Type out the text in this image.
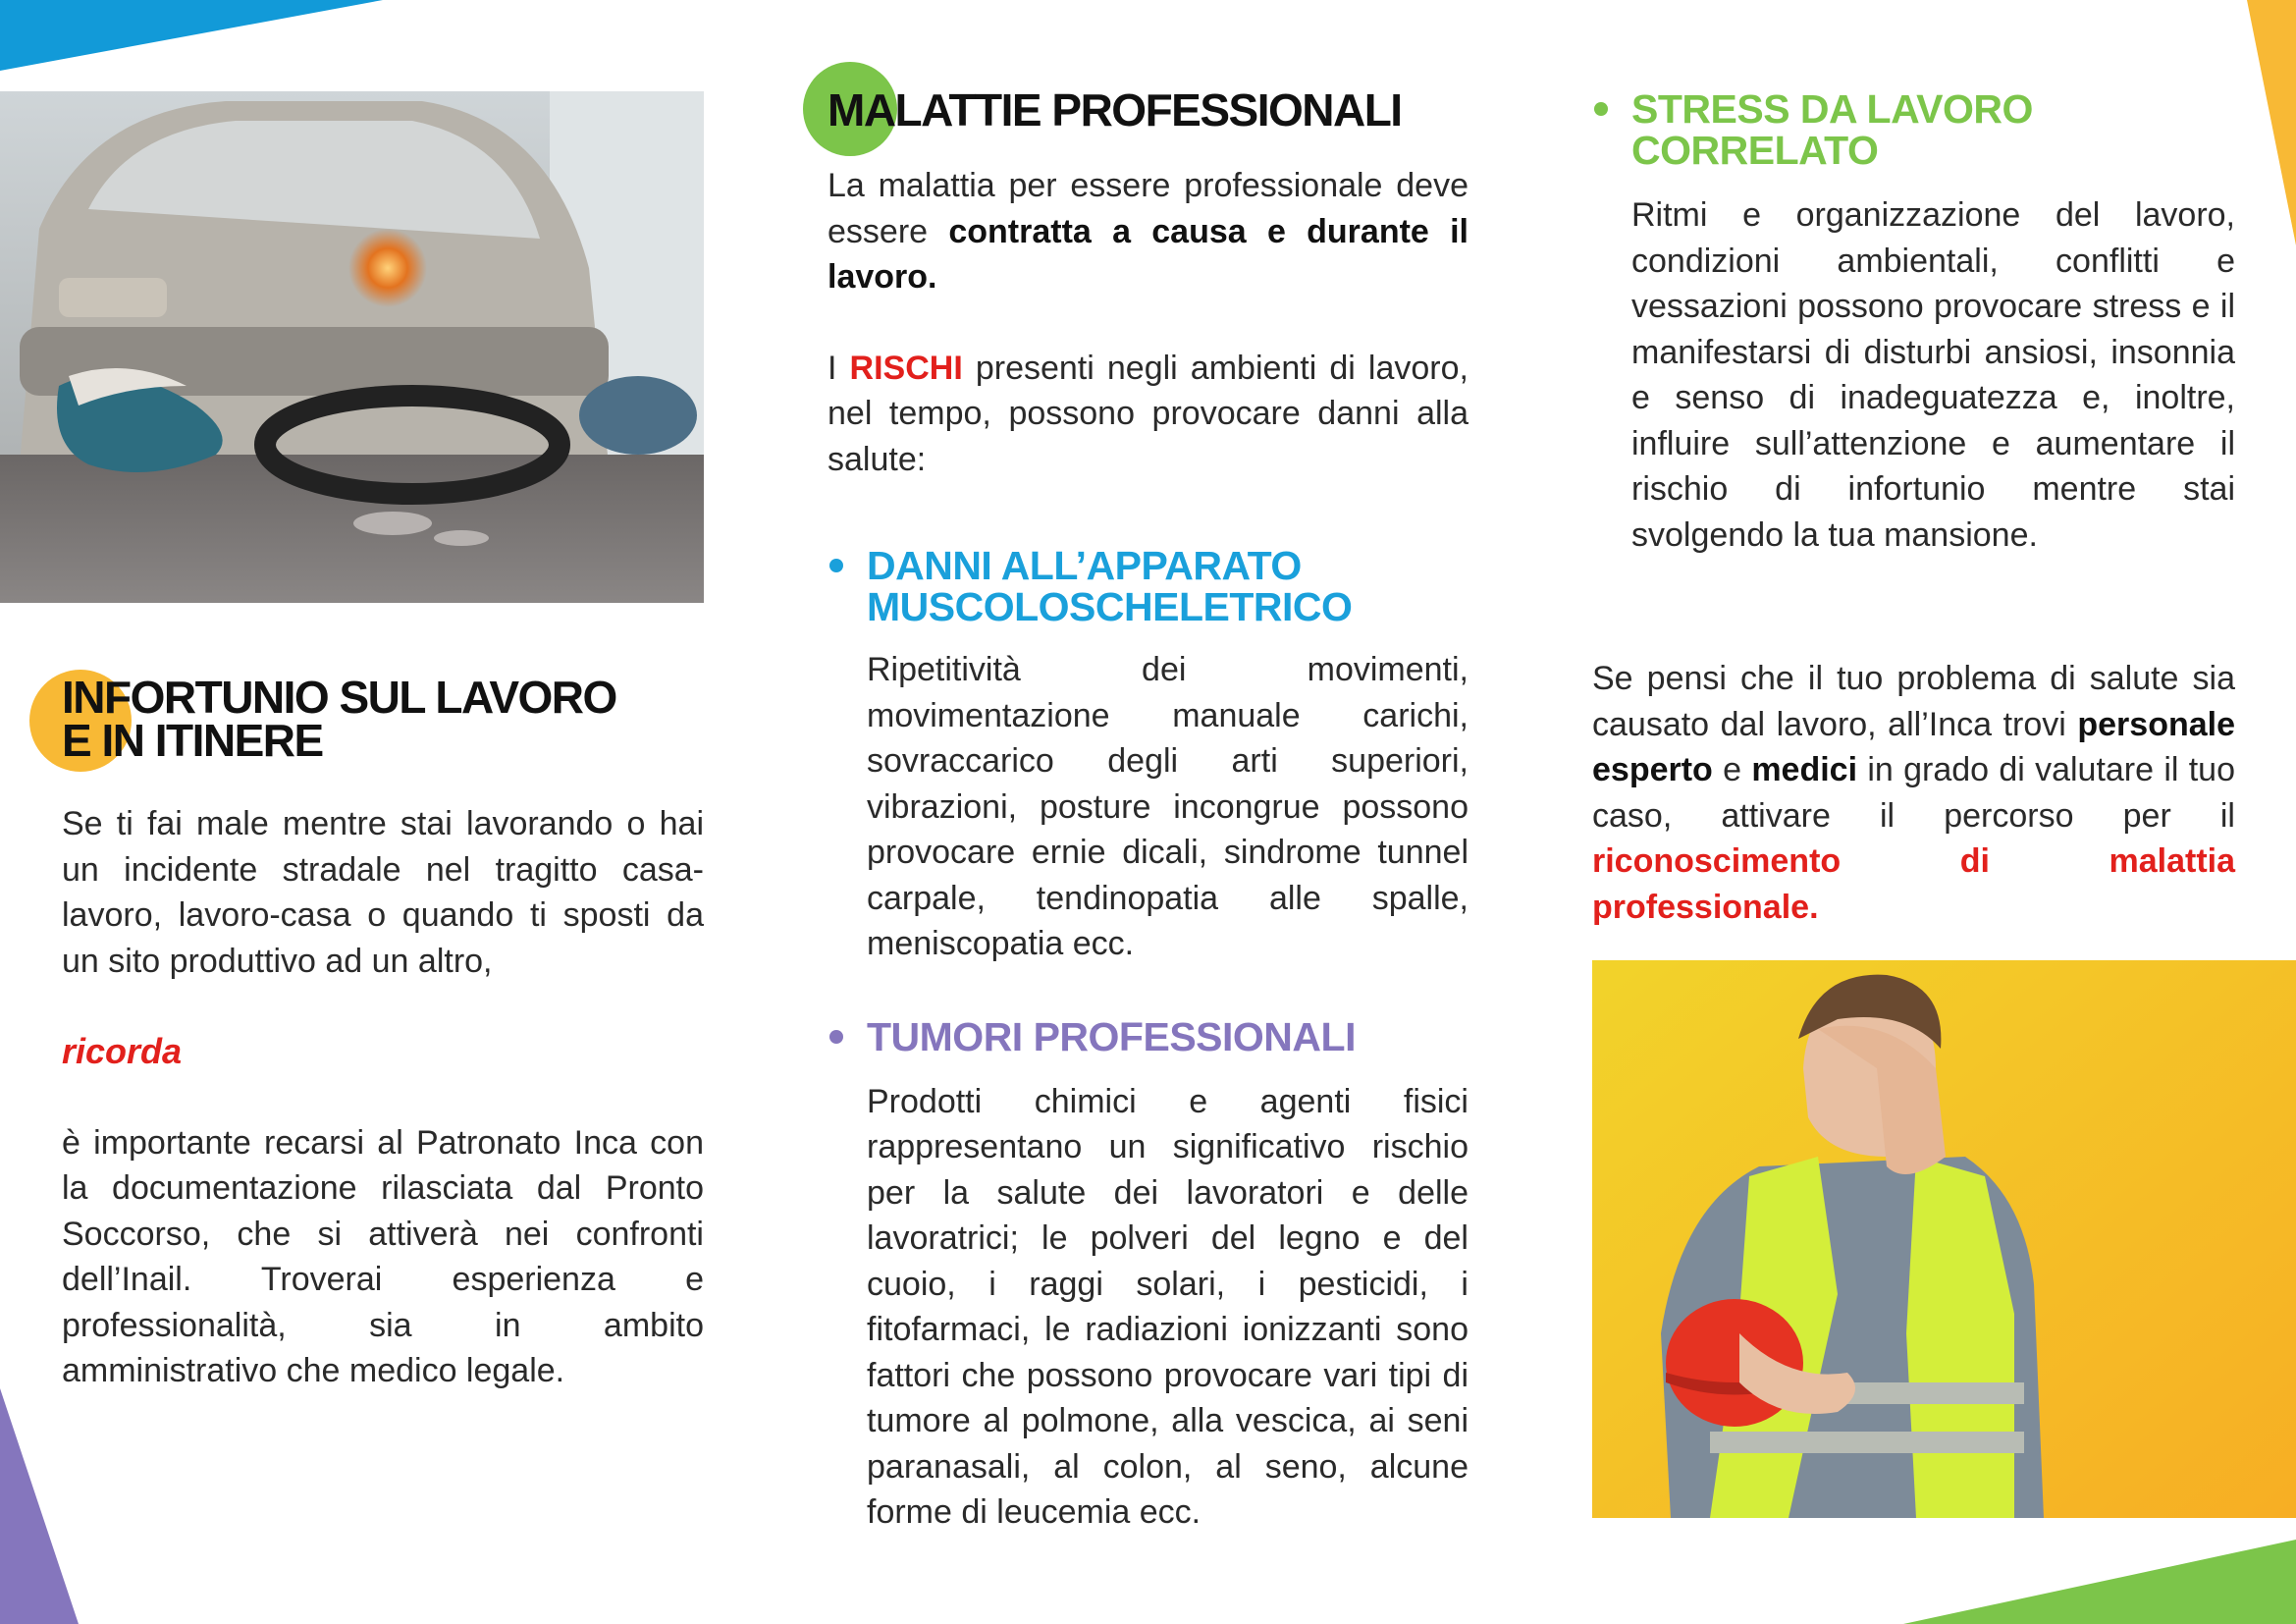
INFORTUNIO SUL LAVORO
E IN ITINERE

Se ti fai male mentre stai lavorando o hai un incidente stradale nel tragitto casa-lavoro, lavoro-casa o quando ti sposti da un sito produttivo ad un altro,

ricorda

è importante recarsi al Patronato Inca con la documentazione rilasciata dal Pronto Soccorso, che si attiverà nei confronti dell’Inail. Troverai esperienza e professionalità, sia in ambito amministrativo che medico legale.

MALATTIE PROFESSIONALI

La malattia per essere professionale deve essere contratta a causa e durante il lavoro.

I RISCHI presenti negli ambienti di lavoro, nel tempo, possono provocare danni alla salute:

DANNI ALL’APPARATO
MUSCOLOSCHELETRICO

Ripetitività dei movimenti, movimentazione manuale carichi, sovraccarico degli arti superiori, vibrazioni, posture incongrue possono provocare ernie dicali, sindrome tunnel carpale, tendinopatia alle spalle, meniscopatia ecc.

TUMORI PROFESSIONALI

Prodotti chimici e agenti fisici rappresentano un significativo rischio per la salute dei lavoratori e delle lavoratrici; le polveri del legno e del cuoio, i raggi solari, i pesticidi, i fitofarmaci, le radiazioni ionizzanti sono fattori che possono provocare vari tipi di tumore al polmone, alla vescica, ai seni paranasali, al colon, al seno, alcune forme di leucemia ecc.

STRESS DA LAVORO CORRELATO

Ritmi e organizzazione del lavoro, condizioni ambientali, conflitti e vessazioni possono provocare stress e il manifestarsi di disturbi ansiosi, insonnia e senso di inadeguatezza e, inoltre, influire sull’attenzione e aumentare il rischio di infortunio mentre stai svolgendo la tua mansione.

Se pensi che il tuo problema di salute sia causato dal lavoro, all’Inca trovi personale esperto e medici in grado di valutare il tuo caso, attivare il percorso per il riconoscimento di malattia professionale.
